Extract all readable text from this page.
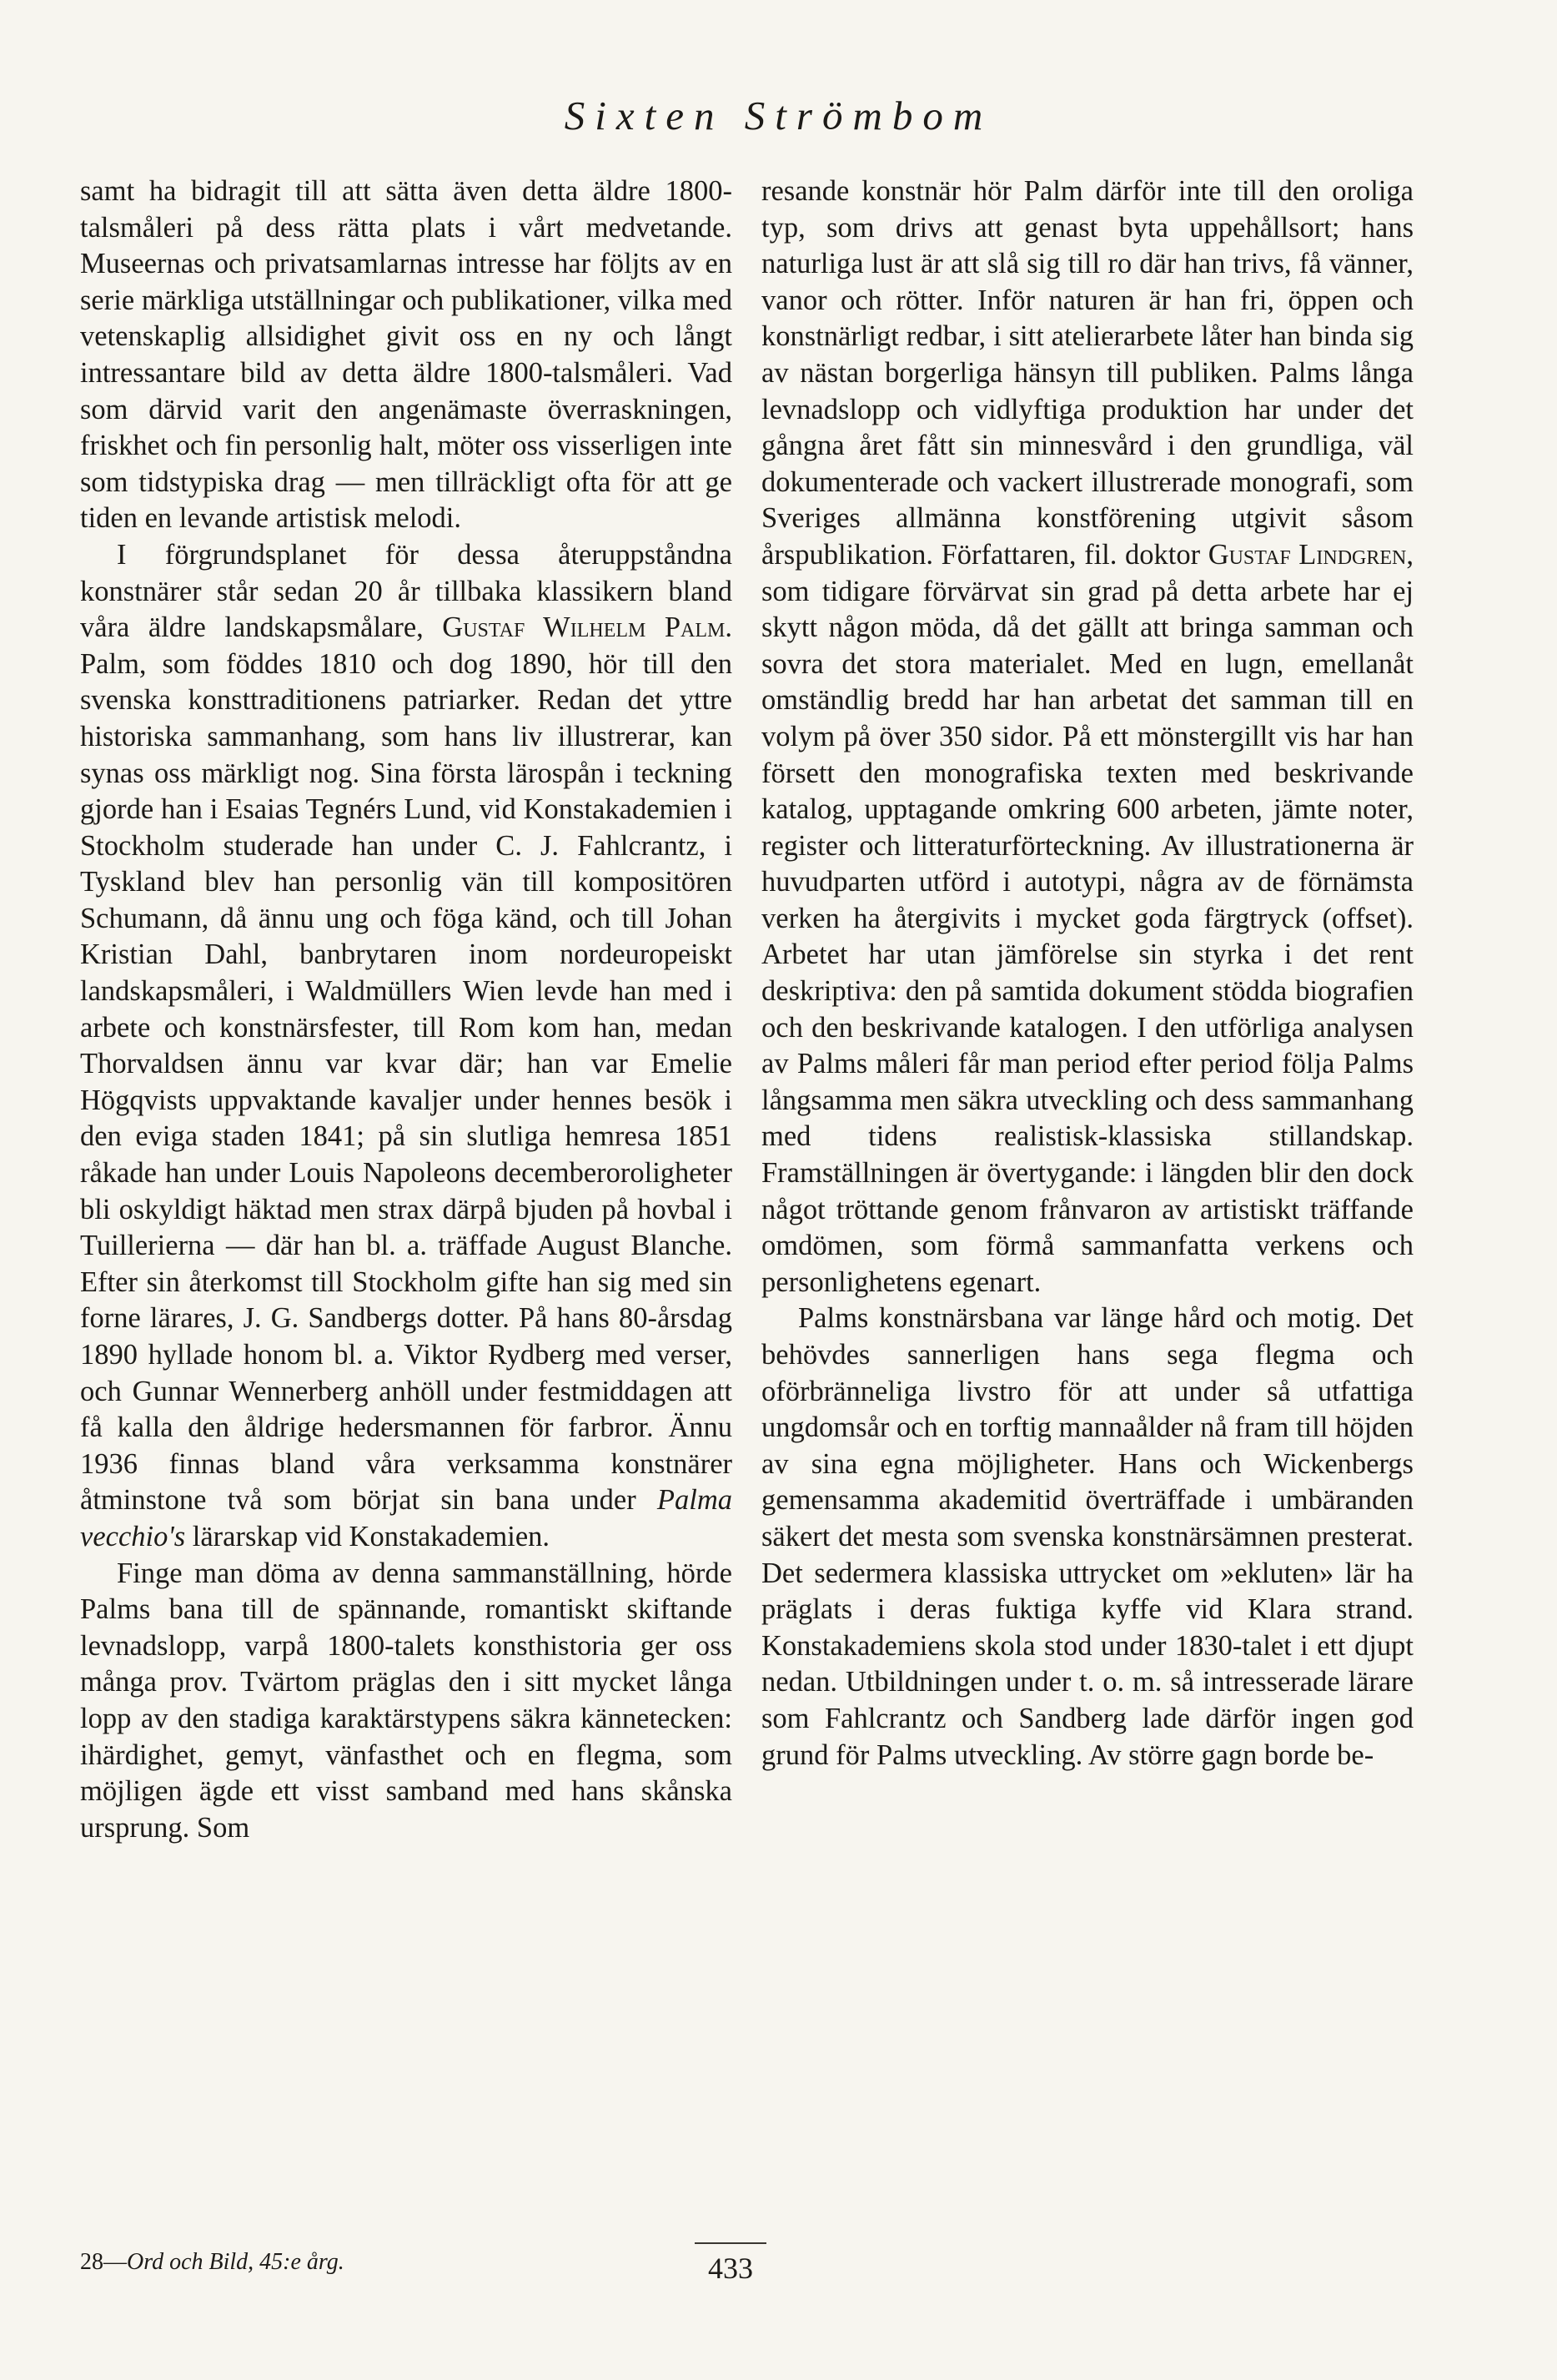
Sixten Strömbom

samt ha bidragit till att sätta även detta äldre 1800-talsmåleri på dess rätta plats i vårt medvetande. Museernas och privatsamlarnas intresse har följts av en serie märkliga utställningar och publikationer, vilka med vetenskaplig allsidighet givit oss en ny och långt intressantare bild av detta äldre 1800-talsmåleri. Vad som därvid varit den angenämaste överraskningen, friskhet och fin personlig halt, möter oss visserligen inte som tidstypiska drag — men tillräckligt ofta för att ge tiden en levande artistisk melodi.

I förgrundsplanet för dessa återuppståndna konstnärer står sedan 20 år tillbaka klassikern bland våra äldre landskapsmålare, Gustaf Wilhelm Palm. Palm, som föddes 1810 och dog 1890, hör till den svenska konsttraditionens patriarker. Redan det yttre historiska sammanhang, som hans liv illustrerar, kan synas oss märkligt nog. Sina första lärospån i teckning gjorde han i Esaias Tegnérs Lund, vid Konstakademien i Stockholm studerade han under C. J. Fahlcrantz, i Tyskland blev han personlig vän till kompositören Schumann, då ännu ung och föga känd, och till Johan Kristian Dahl, banbrytaren inom nordeuropeiskt landskapsmåleri, i Waldmüllers Wien levde han med i arbete och konstnärsfester, till Rom kom han, medan Thorvaldsen ännu var kvar där; han var Emelie Högqvists uppvaktande kavaljer under hennes besök i den eviga staden 1841; på sin slutliga hemresa 1851 råkade han under Louis Napoleons decemberoroligheter bli oskyldigt häktad men strax därpå bjuden på hovbal i Tuillerierna — där han bl. a. träffade August Blanche. Efter sin återkomst till Stockholm gifte han sig med sin forne lärares, J. G. Sandbergs dotter. På hans 80-årsdag 1890 hyllade honom bl. a. Viktor Rydberg med verser, och Gunnar Wennerberg anhöll under festmiddagen att få kalla den åldrige hedersmannen för farbror. Ännu 1936 finnas bland våra verksamma konstnärer åtminstone två som börjat sin bana under Palma vecchio's lärarskap vid Konstakademien.

Finge man döma av denna sammanställning, hörde Palms bana till de spännande, romantiskt skiftande levnadslopp, varpå 1800-talets konsthistoria ger oss många prov. Tvärtom präglas den i sitt mycket långa lopp av den stadiga karaktärstypens säkra kännetecken: ihärdighet, gemyt, vänfasthet och en flegma, som möjligen ägde ett visst samband med hans skånska ursprung. Som

resande konstnär hör Palm därför inte till den oroliga typ, som drivs att genast byta uppehållsort; hans naturliga lust är att slå sig till ro där han trivs, få vänner, vanor och rötter. Inför naturen är han fri, öppen och konstnärligt redbar, i sitt atelierarbete låter han binda sig av nästan borgerliga hänsyn till publiken. Palms långa levnadslopp och vidlyftiga produktion har under det gångna året fått sin minnesvård i den grundliga, väl dokumenterade och vackert illustrerade monografi, som Sveriges allmänna konstförening utgivit såsom årspublikation. Författaren, fil. doktor Gustaf Lindgren, som tidigare förvärvat sin grad på detta arbete har ej skytt någon möda, då det gällt att bringa samman och sovra det stora materialet. Med en lugn, emellanåt omständlig bredd har han arbetat det samman till en volym på över 350 sidor. På ett mönstergillt vis har han försett den monografiska texten med beskrivande katalog, upptagande omkring 600 arbeten, jämte noter, register och litteraturförteckning. Av illustrationerna är huvudparten utförd i autotypi, några av de förnämsta verken ha återgivits i mycket goda färgtryck (offset). Arbetet har utan jämförelse sin styrka i det rent deskriptiva: den på samtida dokument stödda biografien och den beskrivande katalogen. I den utförliga analysen av Palms måleri får man period efter period följa Palms långsamma men säkra utveckling och dess sammanhang med tidens realistisk-klassiska stillandskap. Framställningen är övertygande: i längden blir den dock något tröttande genom frånvaron av artistiskt träffande omdömen, som förmå sammanfatta verkens och personlighetens egenart.

Palms konstnärsbana var länge hård och motig. Det behövdes sannerligen hans sega flegma och oförbränneliga livstro för att under så utfattiga ungdomsår och en torftig mannaålder nå fram till höjden av sina egna möjligheter. Hans och Wickenbergs gemensamma akademitid överträffade i umbäranden säkert det mesta som svenska konstnärsämnen presterat. Det sedermera klassiska uttrycket om »ekluten» lär ha präglats i deras fuktiga kyffe vid Klara strand. Konstakademiens skola stod under 1830-talet i ett djupt nedan. Utbildningen under t. o. m. så intresserade lärare som Fahlcrantz och Sandberg lade därför ingen god grund för Palms utveckling. Av större gagn borde be-

28—Ord och Bild, 45:e årg.	433
